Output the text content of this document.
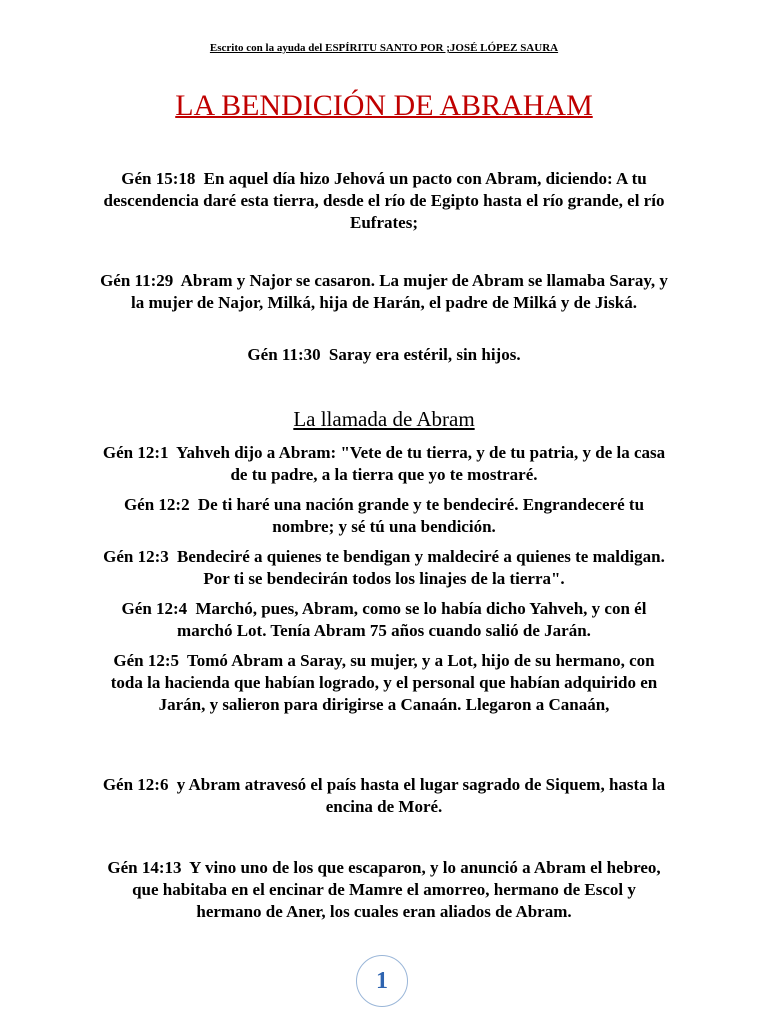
Escrito con la ayuda del ESPÍRITU SANTO POR ;JOSÉ LÓPEZ SAURA
LA BENDICIÓN DE ABRAHAM
Gén 15:18 En aquel día hizo Jehová un pacto con Abram, diciendo: A tu descendencia daré esta tierra, desde el río de Egipto hasta el río grande, el río Eufrates;
Gén 11:29 Abram y Najor se casaron. La mujer de Abram se llamaba Saray, y la mujer de Najor, Milká, hija de Harán, el padre de Milká y de Jiská.
Gén 11:30 Saray era estéril, sin hijos.
La llamada de Abram
Gén 12:1 Yahveh dijo a Abram: "Vete de tu tierra, y de tu patria, y de la casa de tu padre, a la tierra que yo te mostraré.
Gén 12:2 De ti haré una nación grande y te bendeciré. Engrandeceré tu nombre; y sé tú una bendición.
Gén 12:3 Bendeciré a quienes te bendigan y maldeciré a quienes te maldigan. Por ti se bendecirán todos los linajes de la tierra".
Gén 12:4 Marchó, pues, Abram, como se lo había dicho Yahveh, y con él marchó Lot. Tenía Abram 75 años cuando salió de Jarán.
Gén 12:5 Tomó Abram a Saray, su mujer, y a Lot, hijo de su hermano, con toda la hacienda que habían logrado, y el personal que habían adquirido en Jarán, y salieron para dirigirse a Canaán. Llegaron a Canaán,
Gén 12:6 y Abram atravesó el país hasta el lugar sagrado de Siquem, hasta la encina de Moré.
Gén 14:13 Y vino uno de los que escaparon, y lo anunció a Abram el hebreo, que habitaba en el encinar de Mamre el amorreo, hermano de Escol y hermano de Aner, los cuales eran aliados de Abram.
1
